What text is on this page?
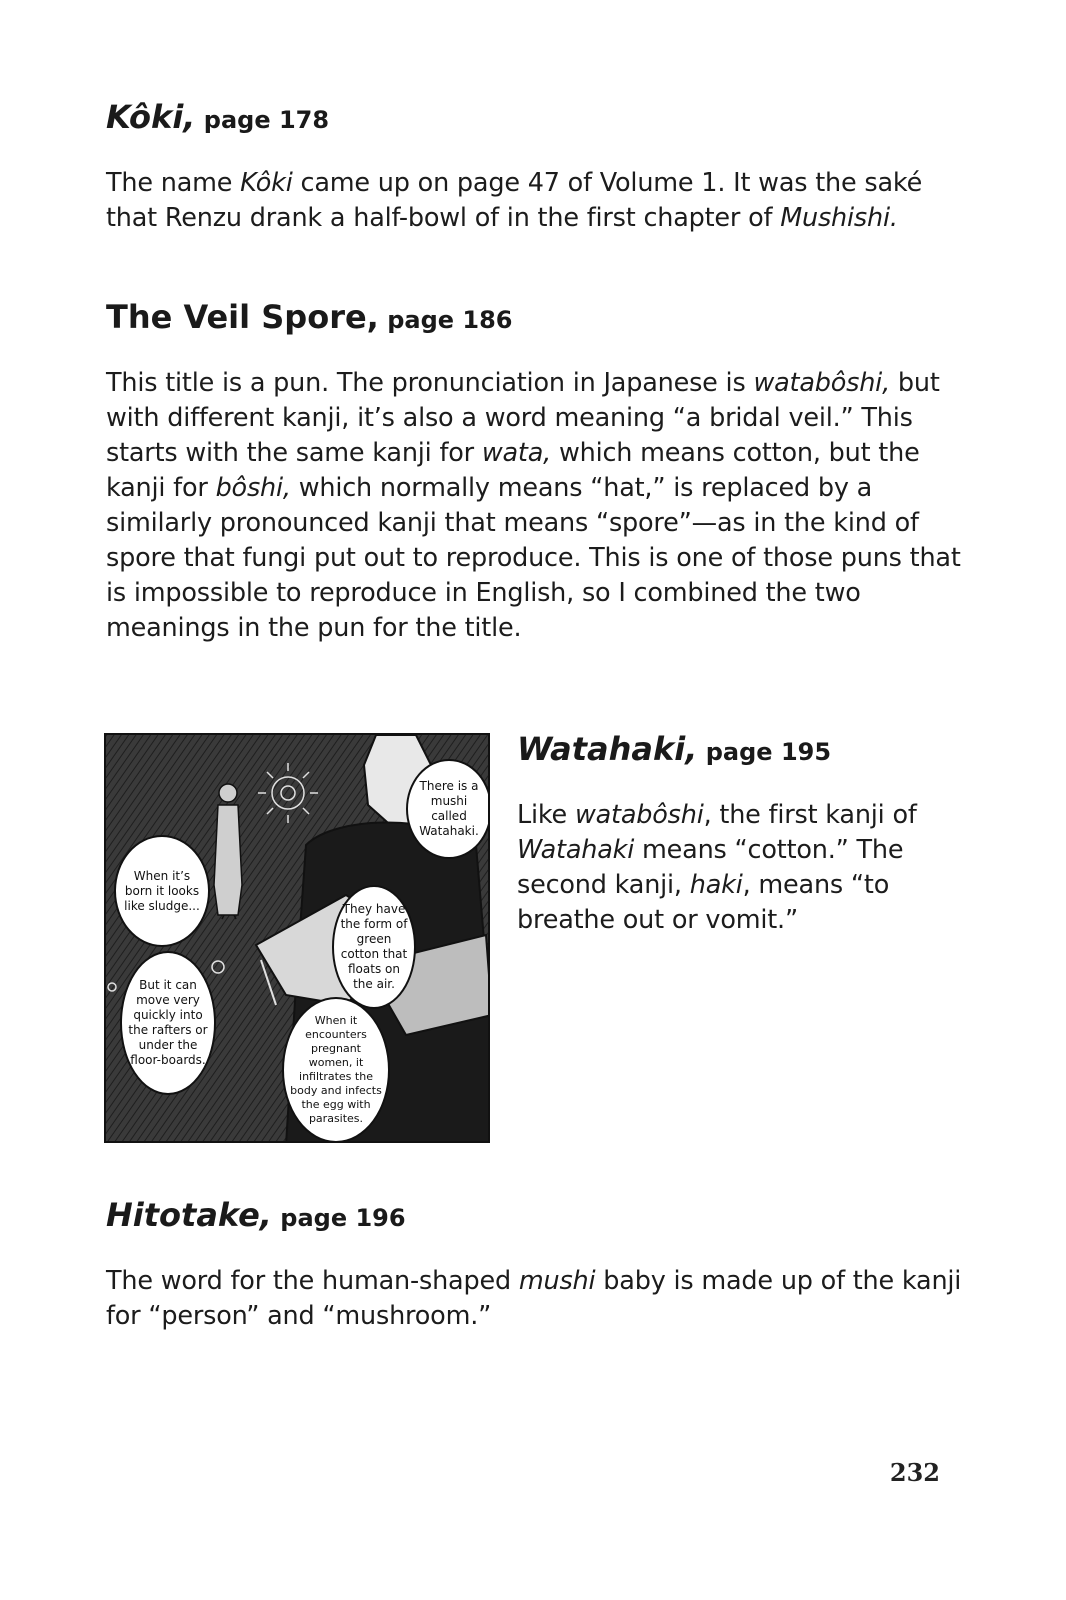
Kôki, page 178

The name Kôki came up on page 47 of Volume 1. It was the saké that Renzu drank a half-bowl of in the first chapter of Mushishi.

The Veil Spore, page 186

This title is a pun. The pronunciation in Japanese is watabôshi, but with different kanji, it’s also a word meaning “a bridal veil.” This starts with the same kanji for wata, which means cotton, but the kanji for bôshi, which normally means “hat,” is replaced by a similarly pronounced kanji that means “spore”—as in the kind of spore that fungi put out to reproduce. This is one of those puns that is impossible to reproduce in English, so I combined the two meanings in the pun for the title.

There is a mushi called Watahaki.
When it’s born it looks like sludge...	They have the form of green cotton that floats on the air.
But it can move very quickly into the rafters or under the floor-boards.
When it encounters pregnant women, it infiltrates the body and infects the egg with parasites.
Watahaki, page 195

Like watabôshi, the first kanji of Watahaki means “cotton.” The second kanji, haki, means “to breathe out or vomit.”

Hitotake, page 196

The word for the human-shaped mushi baby is made up of the kanji for “person” and “mushroom.”

232
